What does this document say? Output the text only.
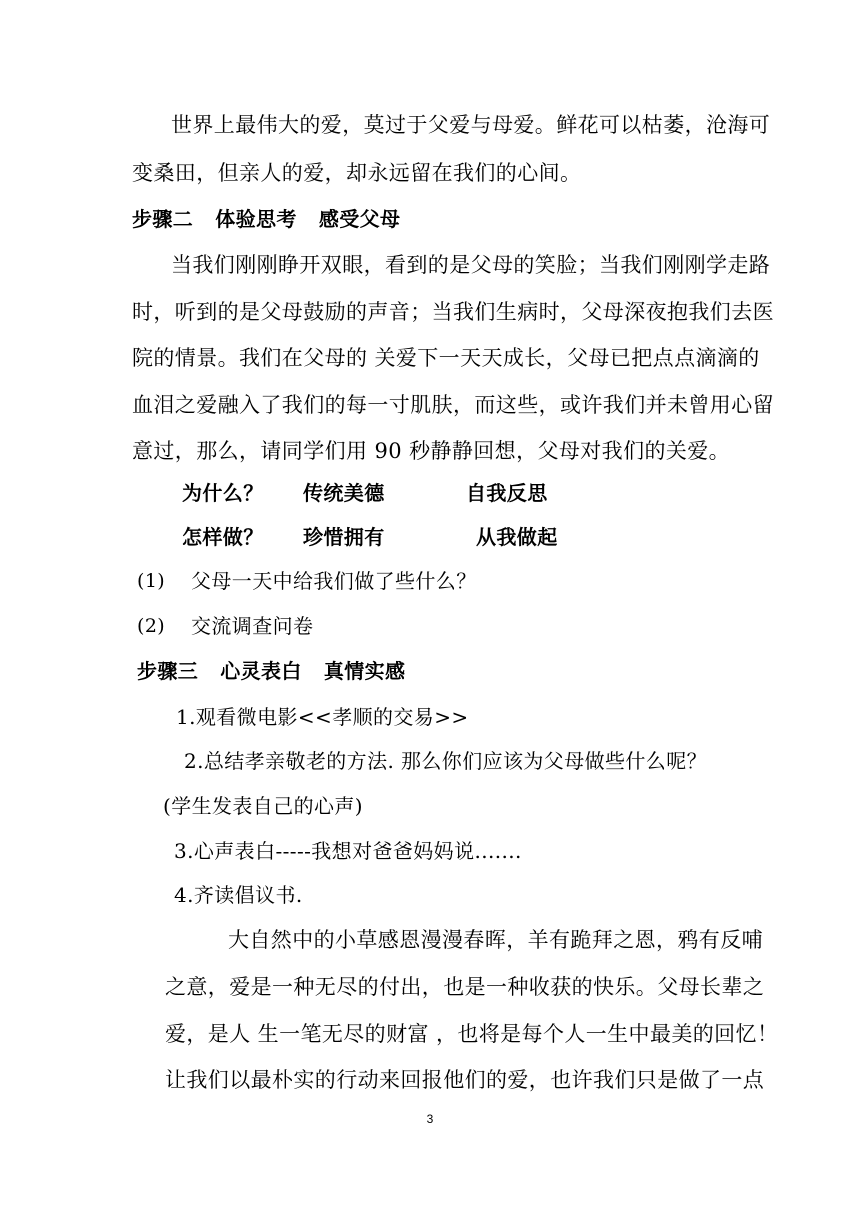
世界上最伟大的爱，莫过于父爱与母爱。鲜花可以枯萎，沧海可
变桑田，但亲人的爱，却永远留在我们的心间。
步骤二 体验思考 感受父母
当我们刚刚睁开双眼，看到的是父母的笑脸；当我们刚刚学走路
时，听到的是父母鼓励的声音；当我们生病时，父母深夜抱我们去医
院的情景。我们在父母的 关爱下一天天成长，父母已把点点滴滴的
血泪之爱融入了我们的每一寸肌肤，而这些，或许我们并未曾用心留
意过，那么，请同学们用 90 秒静静回想，父母对我们的关爱。
为什么？ 传统美德	自我反思
怎样做？ 珍惜拥有	从我做起
(1) 父母一天中给我们做了些什么？
(2) 交流调查问卷
步骤三 心灵表白 真情实感
1.观看微电影<<孝顺的交易>>
2.总结孝亲敬老的方法. 那么你们应该为父母做些什么呢？
(学生发表自己的心声)
3.心声表白-----我想对爸爸妈妈说.......
4.齐读倡议书.
大自然中的小草感恩漫漫春晖，羊有跪拜之恩，鸦有反哺
之意，爱是一种无尽的付出，也是一种收获的快乐。父母长辈之
爱，是人 生一笔无尽的财富 ，也将是每个人一生中最美的回忆！
让我们以最朴实的行动来回报他们的爱，也许我们只是做了一点
3
